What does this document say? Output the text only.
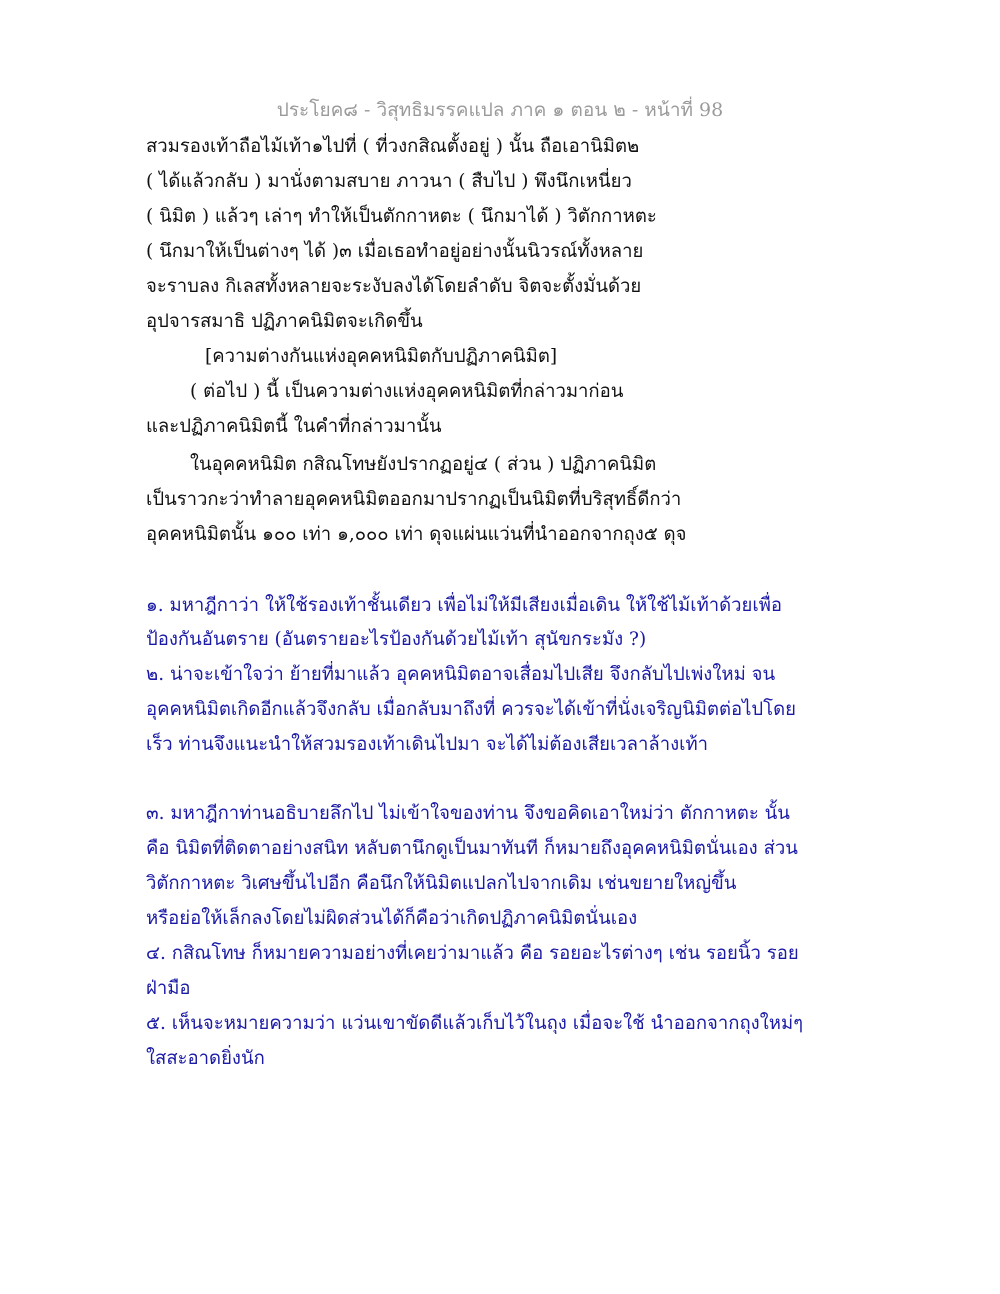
ประโยค๘ - วิสุทธิมรรคแปล ภาค ๑ ตอน ๒ - หน้าที่ 98
สวมรองเท้าถือไม้เท้า๑ไปที่ ( ที่วงกสิณตั้งอยู่ ) นั้น ถือเอานิมิต๒
( ได้แล้วกลับ ) มานั่งตามสบาย ภาวนา ( สืบไป ) พึงนึกเหนี่ยว
( นิมิต ) แล้วๆ เล่าๆ ทำให้เป็นตักกาหตะ ( นึกมาได้ ) วิตักกาหตะ
( นึกมาให้เป็นต่างๆ ได้ )๓ เมื่อเธอทำอยู่อย่างนั้นนิวรณ์ทั้งหลาย
จะราบลง กิเลสทั้งหลายจะระงับลงได้โดยลำดับ จิตจะตั้งมั่นด้วย
อุปจารสมาธิ ปฏิภาคนิมิตจะเกิดขึ้น
[ความต่างกันแห่งอุคคหนิมิตกับปฏิภาคนิมิต]
( ต่อไป ) นี้ เป็นความต่างแห่งอุคคหนิมิตที่กล่าวมาก่อน
และปฏิภาคนิมิตนี้ ในคำที่กล่าวมานั้น
ในอุคคหนิมิต กสิณโทษยังปรากฏอยู่๔ ( ส่วน ) ปฏิภาคนิมิต
เป็นราวกะว่าทำลายอุคคหนิมิตออกมาปรากฏเป็นนิมิตที่บริสุทธิ์ดีกว่า
อุคคหนิมิตนั้น ๑๐๐ เท่า ๑,๐๐๐ เท่า ดุจแผ่นแว่นที่นำออกจากถุง๕ ดุจ
๑. มหาฎีกาว่า ให้ใช้รองเท้าชั้นเดียว เพื่อไม่ให้มีเสียงเมื่อเดิน ให้ใช้ไม้เท้าด้วยเพื่อ
ป้องกันอันตราย (อันตรายอะไรป้องกันด้วยไม้เท้า สุนัขกระมัง ?)
๒. น่าจะเข้าใจว่า ย้ายที่มาแล้ว อุคคหนิมิตอาจเสื่อมไปเสีย จึงกลับไปเพ่งใหม่ จน
อุคคหนิมิตเกิดอีกแล้วจึงกลับ เมื่อกลับมาถึงที่ ควรจะได้เข้าที่นั่งเจริญนิมิตต่อไปโดย
เร็ว ท่านจึงแนะนำให้สวมรองเท้าเดินไปมา จะได้ไม่ต้องเสียเวลาล้างเท้า
๓. มหาฎีกาท่านอธิบายลึกไป ไม่เข้าใจของท่าน จึงขอคิดเอาใหม่ว่า ตักกาหตะ นั้น
คือ นิมิตที่ติดตาอย่างสนิท หลับตานึกดูเป็นมาทันที ก็หมายถึงอุคคหนิมิตนั่นเอง ส่วน
วิตักกาหตะ วิเศษขึ้นไปอีก คือนึกให้นิมิตแปลกไปจากเดิม เช่นขยายใหญ่ขึ้น
หรือย่อให้เล็กลงโดยไม่ผิดส่วนได้ก็คือว่าเกิดปฏิภาคนิมิตนั่นเอง
๔. กสิณโทษ ก็หมายความอย่างที่เคยว่ามาแล้ว คือ รอยอะไรต่างๆ เช่น รอยนิ้ว รอย
ฝ่ามือ
๕. เห็นจะหมายความว่า แว่นเขาขัดดีแล้วเก็บไว้ในถุง เมื่อจะใช้ นำออกจากถุงใหม่ๆ
ใสสะอาดยิ่งนัก
